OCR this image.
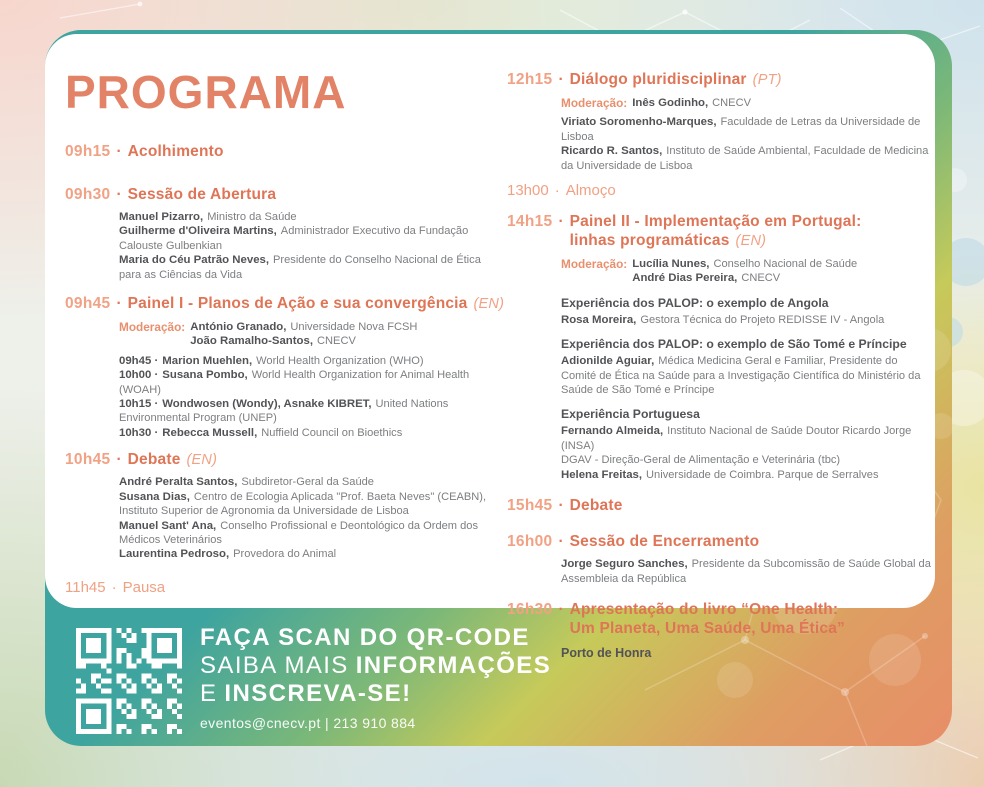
FAÇA SCAN DO QR-CODE
SAIBA MAIS INFORMAÇÕES
E INSCREVA-SE!
eventos@cnecv.pt | 213 910 884
PROGRAMA
09h15 · Acolhimento
09h30 · Sessão de Abertura
Manuel Pizarro, Ministro da Saúde
Guilherme d'Oliveira Martins, Administrador Executivo da Fundação Calouste Gulbenkian
Maria do Céu Patrão Neves, Presidente do Conselho Nacional de Ética para as Ciências da Vida
09h45 · Painel I - Planos de Ação e sua convergência (EN)
Moderação: António Granado, Universidade Nova FCSH
João Ramalho-Santos, CNECV
09h45 · Marion Muehlen, World Health Organization (WHO)
10h00 · Susana Pombo, World Health Organization for Animal Health (WOAH)
10h15 · Wondwosen (Wondy), Asnake KIBRET, United Nations Environmental Program (UNEP)
10h30 · Rebecca Mussell, Nuffield Council on Bioethics
10h45 · Debate (EN)
André Peralta Santos, Subdiretor-Geral da Saúde
Susana Dias, Centro de Ecologia Aplicada "Prof. Baeta Neves" (CEABN), Instituto Superior de Agronomia da Universidade de Lisboa
Manuel Sant' Ana, Conselho Profissional e Deontológico da Ordem dos Médicos Veterinários
Laurentina Pedroso, Provedora do Animal
11h45 · Pausa
12h15 · Diálogo pluridisciplinar (PT)
Moderação: Inês Godinho, CNECV
Viriato Soromenho-Marques, Faculdade de Letras da Universidade de Lisboa
Ricardo R. Santos, Instituto de Saúde Ambiental, Faculdade de Medicina da Universidade de Lisboa
13h00 · Almoço
14h15 · Painel II - Implementação em Portugal:
linhas programáticas (EN)
Moderação: Lucília Nunes, Conselho Nacional de Saúde
André Dias Pereira, CNECV
Experiência dos PALOP: o exemplo de Angola
Rosa Moreira, Gestora Técnica do Projeto REDISSE IV - Angola
Experiência dos PALOP: o exemplo de São Tomé e Príncipe
Adionilde Aguiar, Médica Medicina Geral e Familiar, Presidente do Comité de Ética na Saúde para a Investigação Científica do Ministério da Saúde de São Tomé e Príncipe
Experiência Portuguesa
Fernando Almeida, Instituto Nacional de Saúde Doutor Ricardo Jorge (INSA)
DGAV - Direção-Geral de Alimentação e Veterinária (tbc)
Helena Freitas, Universidade de Coimbra. Parque de Serralves
15h45 · Debate
16h00 · Sessão de Encerramento
Jorge Seguro Sanches, Presidente da Subcomissão de Saúde Global da Assembleia da República
16h30 · Apresentação do livro “One Health:
Um Planeta, Uma Saúde, Uma Ética”
Porto de Honra
